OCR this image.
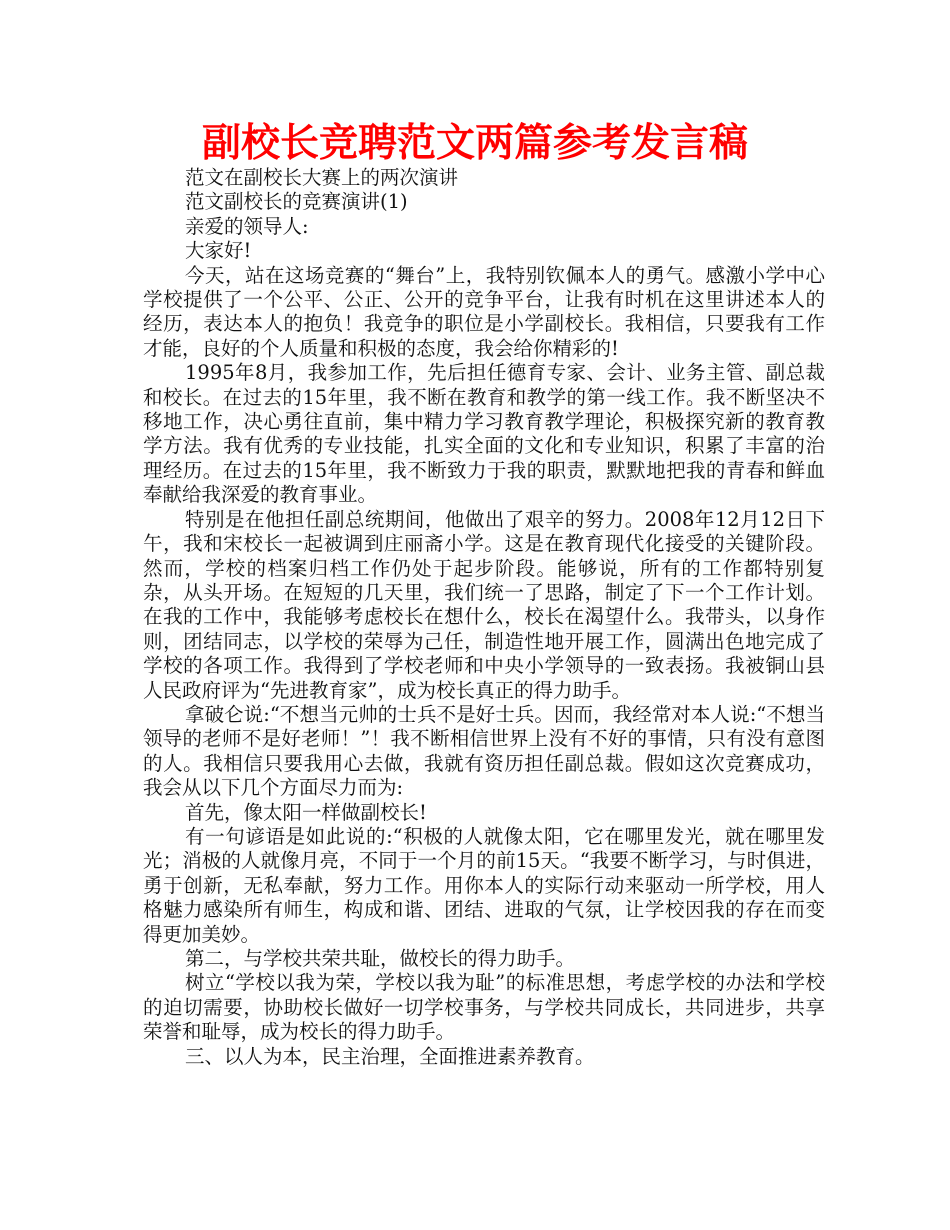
副校长竞聘范文两篇参考发言稿

范文在副校长大赛上的两次演讲

范文副校长的竞赛演讲(1)

亲爱的领导人:

大家好!

今天，站在这场竞赛的“舞台”上，我特别钦佩本人的勇气。感激小学中心学校提供了一个公平、公正、公开的竞争平台，让我有时机在这里讲述本人的经历，表达本人的抱负！我竞争的职位是小学副校长。我相信，只要我有工作才能，良好的个人质量和积极的态度，我会给你精彩的!

1995年8月，我参加工作，先后担任德育专家、会计、业务主管、副总裁和校长。在过去的15年里，我不断在教育和教学的第一线工作。我不断坚决不移地工作，决心勇往直前，集中精力学习教育教学理论，积极探究新的教育教学方法。我有优秀的专业技能，扎实全面的文化和专业知识，积累了丰富的治理经历。在过去的15年里，我不断致力于我的职责，默默地把我的青春和鲜血奉献给我深爱的教育事业。

特别是在他担任副总统期间，他做出了艰辛的努力。2008年12月12日下午，我和宋校长一起被调到庄丽斋小学。这是在教育现代化接受的关键阶段。然而，学校的档案归档工作仍处于起步阶段。能够说，所有的工作都特别复杂，从头开场。在短短的几天里，我们统一了思路，制定了下一个工作计划。在我的工作中，我能够考虑校长在想什么，校长在渴望什么。我带头，以身作则，团结同志，以学校的荣辱为己任，制造性地开展工作，圆满出色地完成了学校的各项工作。我得到了学校老师和中央小学领导的一致表扬。我被铜山县人民政府评为“先进教育家”，成为校长真正的得力助手。

拿破仑说:“不想当元帅的士兵不是好士兵。因而，我经常对本人说:“不想当领导的老师不是好老师！”！我不断相信世界上没有不好的事情，只有没有意图的人。我相信只要我用心去做，我就有资历担任副总裁。假如这次竞赛成功，我会从以下几个方面尽力而为:

首先，像太阳一样做副校长!

有一句谚语是如此说的:“积极的人就像太阳，它在哪里发光，就在哪里发光；消极的人就像月亮，不同于一个月的前15天。“我要不断学习，与时俱进，勇于创新，无私奉献，努力工作。用你本人的实际行动来驱动一所学校，用人格魅力感染所有师生，构成和谐、团结、进取的气氛，让学校因我的存在而变得更加美妙。

第二，与学校共荣共耻，做校长的得力助手。

树立“学校以我为荣，学校以我为耻”的标准思想，考虑学校的办法和学校的迫切需要，协助校长做好一切学校事务，与学校共同成长，共同进步，共享荣誉和耻辱，成为校长的得力助手。

三、以人为本，民主治理，全面推进素养教育。
